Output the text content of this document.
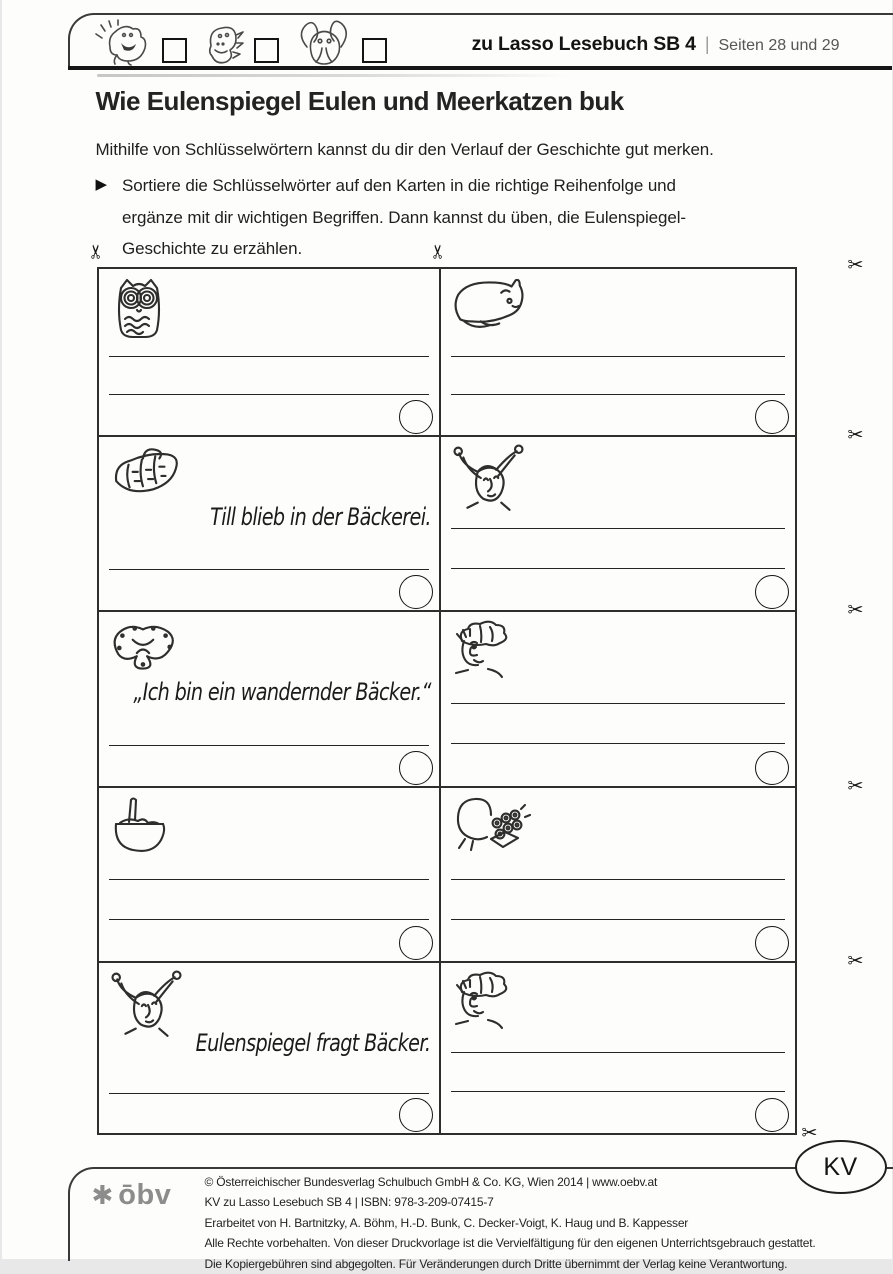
zu Lasso Lesebuch SB 4 | Seiten 28 und 29
Wie Eulenspiegel Eulen und Meerkatzen buk
Mithilfe von Schlüsselwörtern kannst du dir den Verlauf der Geschichte gut merken.
▶ Sortiere die Schlüsselwörter auf den Karten in die richtige Reihenfolge und
ergänze mit dir wichtigen Begriffen. Dann kannst du üben, die Eulenspiegel-
Geschichte zu erzählen.
✂	✂
✂
✂
✂
✂
✂
✂
Till blieb in der Bäckerei.
„Ich bin ein wandernder Bäcker.“
Eulenspiegel fragt Bäcker.
KV
✱ ōbv	© Österreichischer Bundesverlag Schulbuch GmbH & Co. KG, Wien 2014 | www.oebv.at
KV zu Lasso Lesebuch SB 4 | ISBN: 978-3-209-07415-7
Erarbeitet von H. Bartnitzky, A. Böhm, H.-D. Bunk, C. Decker-Voigt, K. Haug und B. Kappesser
Alle Rechte vorbehalten. Von dieser Druckvorlage ist die Vervielfältigung für den eigenen Unterrichtsgebrauch gestattet.
Die Kopiergebühren sind abgegolten. Für Veränderungen durch Dritte übernimmt der Verlag keine Verantwortung.
